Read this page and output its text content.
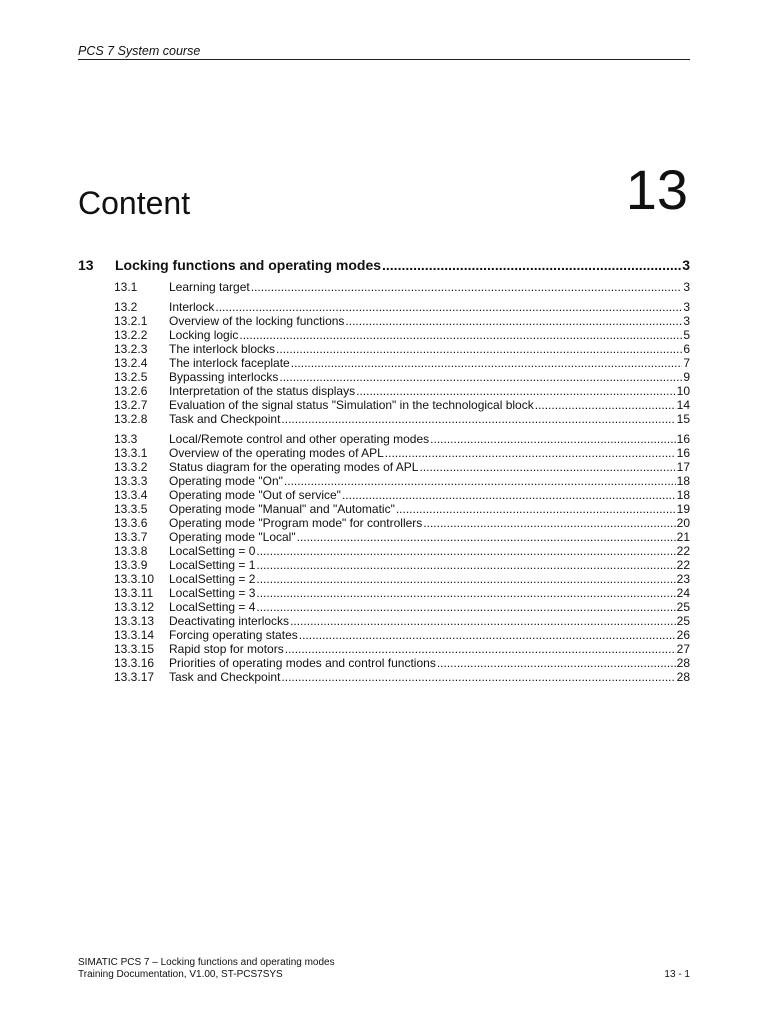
PCS 7 System course
Content	13
13	Locking functions and operating modes .....	3
13.1	Learning target .....	3
13.2	Interlock .....	3
13.2.1	Overview of the locking functions .....	3
13.2.2	Locking logic .....	5
13.2.3	The interlock blocks .....	6
13.2.4	The interlock faceplate .....	7
13.2.5	Bypassing interlocks .....	9
13.2.6	Interpretation of the status displays .....	10
13.2.7	Evaluation of the signal status "Simulation" in the technological block .....	14
13.2.8	Task and Checkpoint .....	15
13.3	Local/Remote control and other operating modes .....	16
13.3.1	Overview of the operating modes of APL .....	16
13.3.2	Status diagram for the operating modes of APL .....	17
13.3.3	Operating mode "On" .....	18
13.3.4	Operating mode "Out of service" .....	18
13.3.5	Operating mode "Manual" and "Automatic" .....	19
13.3.6	Operating mode "Program mode" for controllers .....	20
13.3.7	Operating mode "Local" .....	21
13.3.8	LocalSetting = 0 .....	22
13.3.9	LocalSetting = 1 .....	22
13.3.10	LocalSetting = 2 .....	23
13.3.11	LocalSetting = 3 .....	24
13.3.12	LocalSetting = 4 .....	25
13.3.13	Deactivating interlocks .....	25
13.3.14	Forcing operating states .....	26
13.3.15	Rapid stop for motors .....	27
13.3.16	Priorities of operating modes and control functions .....	28
13.3.17	Task and Checkpoint .....	28
SIMATIC PCS 7 – Locking functions and operating modes
Training Documentation, V1.00, ST-PCS7SYS	13 - 1
